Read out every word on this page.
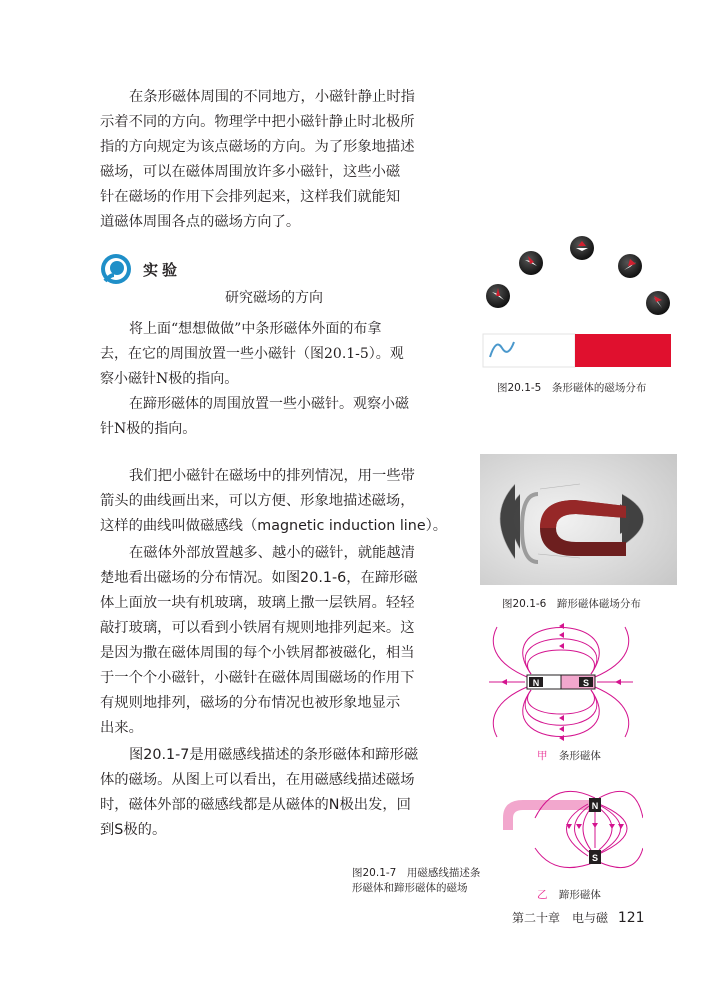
在条形磁体周围的不同地方，小磁针静止时指
示着不同的方向。物理学中把小磁针静止时北极所
指的方向规定为该点磁场的方向。为了形象地描述
磁场，可以在磁体周围放许多小磁针，这些小磁
针在磁场的作用下会排列起来，这样我们就能知
道磁体周围各点的磁场方向了。
实验
研究磁场的方向
将上面“想想做做”中条形磁体外面的布拿
去，在它的周围放置一些小磁针（图20.1-5）。观
察小磁针N极的指向。
在蹄形磁体的周围放置一些小磁针。观察小磁
针N极的指向。
我们把小磁针在磁场中的排列情况，用一些带
箭头的曲线画出来，可以方便、形象地描述磁场，
这样的曲线叫做磁感线（magnetic induction line）。
在磁体外部放置越多、越小的磁针，就能越清
楚地看出磁场的分布情况。如图20.1-6，在蹄形磁
体上面放一块有机玻璃，玻璃上撒一层铁屑。轻轻
敲打玻璃，可以看到小铁屑有规则地排列起来。这
是因为撒在磁体周围的每个小铁屑都被磁化，相当
于一个个小磁针，小磁针在磁体周围磁场的作用下
有规则地排列，磁场的分布情况也被形象地显示
出来。
图20.1-7是用磁感线描述的条形磁体和蹄形磁
体的磁场。从图上可以看出，在用磁感线描述磁场
时，磁体外部的磁感线都是从磁体的N极出发，回
到S极的。
图20.1-5　条形磁体的磁场分布
图20.1-6　蹄形磁体磁场分布
N	S
甲 条形磁体
N
S
图20.1-7　用磁感线描述条
形磁体和蹄形磁体的磁场
乙 蹄形磁体
第二十章　电与磁 121
